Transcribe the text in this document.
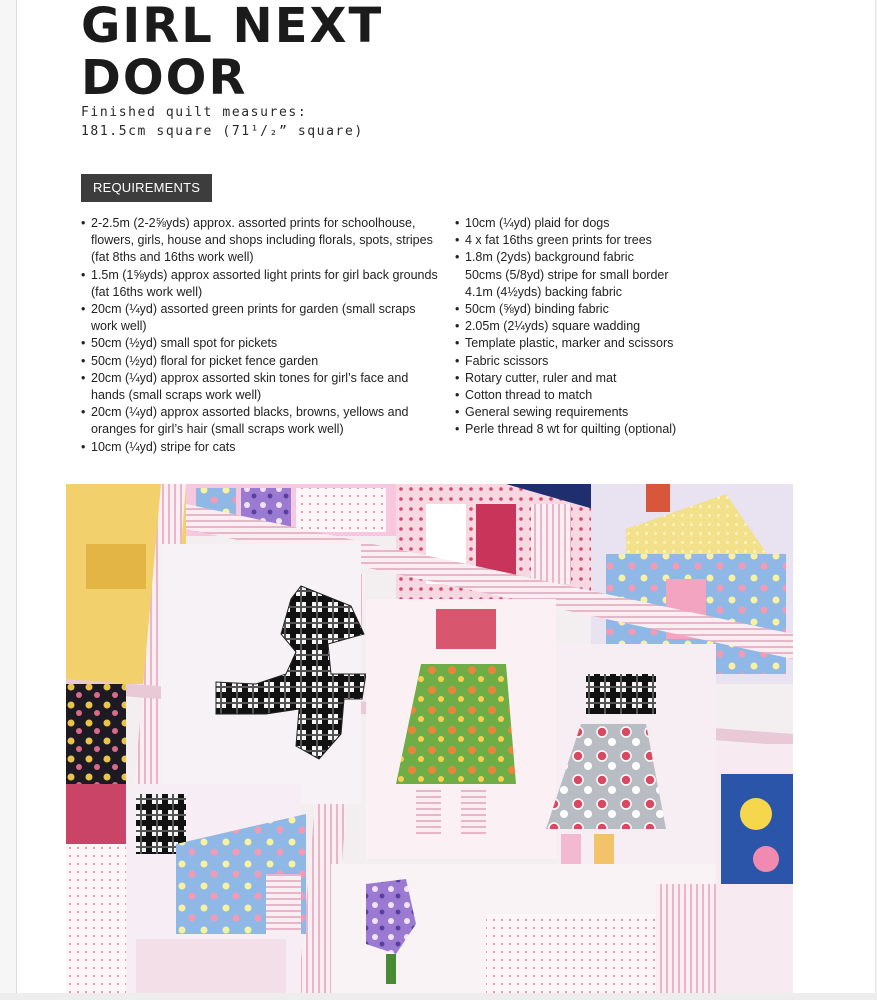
GIRL NEXT DOOR
Finished quilt measures:
181.5cm square (71¹/₂” square)
REQUIREMENTS
• 2-2.5m (2-2⅝yds) approx. assorted prints for schoolhouse, flowers, girls, house and shops including florals, spots, stripes (fat 8ths and 16ths work well)
• 1.5m (1⅝yds) approx assorted light prints for girl back grounds (fat 16ths work well)
• 20cm (¼yd) assorted green prints for garden (small scraps work well)
• 50cm (½yd) small spot for pickets
• 50cm (½yd) floral for picket fence garden
• 20cm (¼yd) approx assorted skin tones for girl’s face and hands (small scraps work well)
• 20cm (¼yd) approx assorted blacks, browns, yellows and oranges for girl’s hair (small scraps work well)
• 10cm (¼yd) stripe for cats
• 10cm (¼yd) plaid for dogs
• 4 x fat 16ths green prints for trees
• 1.8m (2yds) background fabric
50cms (5/8yd) stripe for small border
4.1m (4½yds) backing fabric
• 50cm (⅝yd) binding fabric
• 2.05m (2¼yds) square wadding
• Template plastic, marker and scissors
• Fabric scissors
• Rotary cutter, ruler and mat
• Cotton thread to match
• General sewing requirements
• Perle thread 8 wt for quilting (optional)
